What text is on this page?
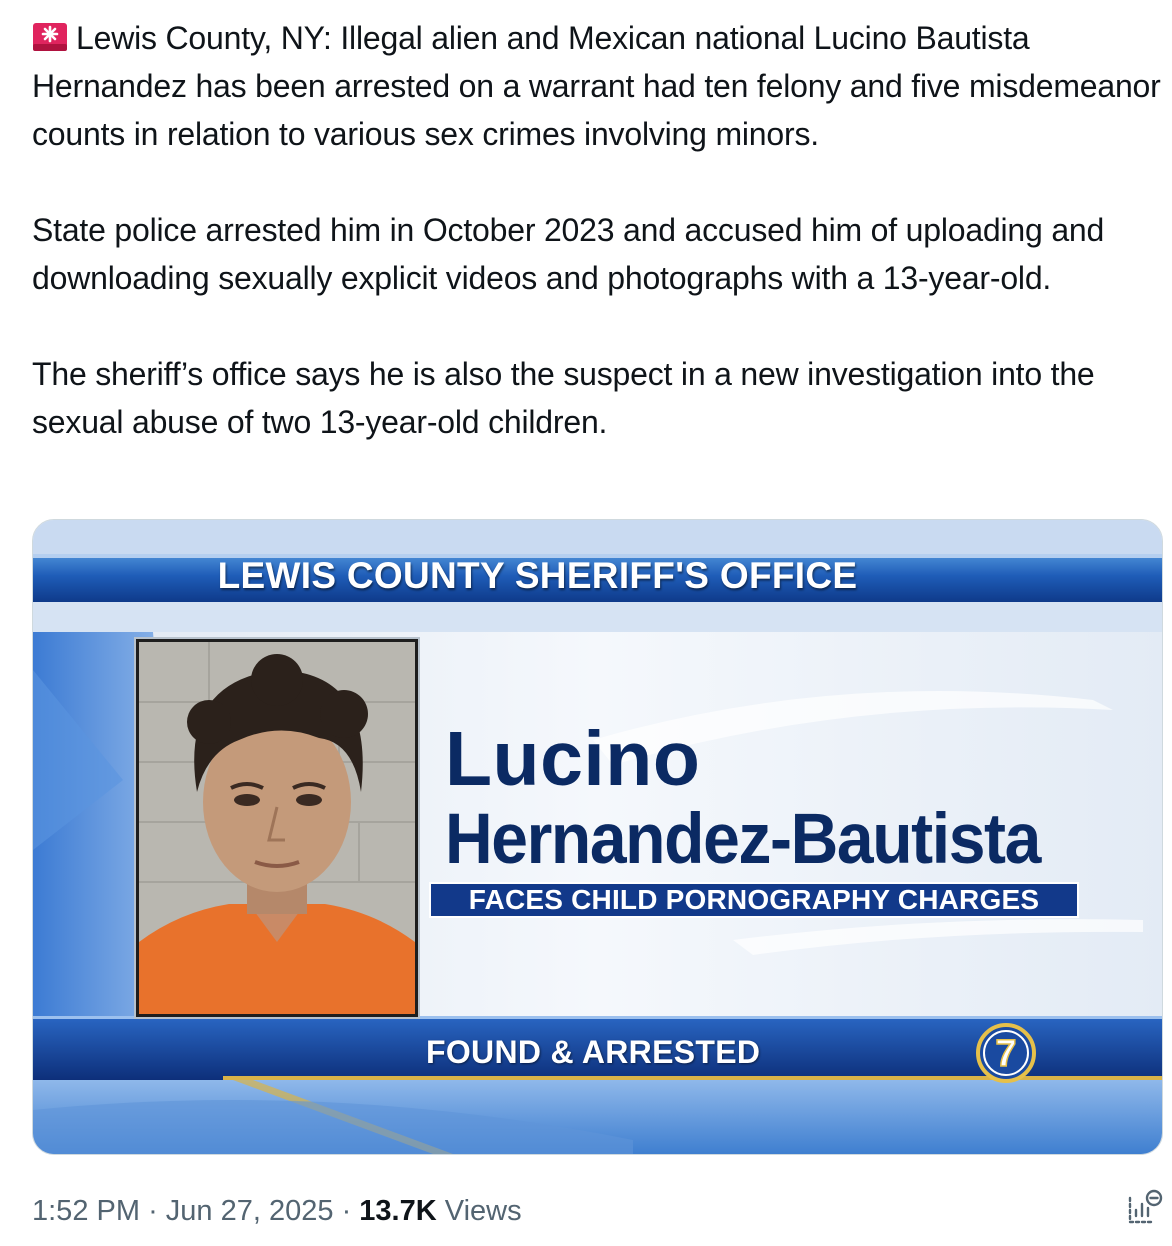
Lewis County, NY: Illegal alien and Mexican national Lucino Bautista Hernandez has been arrested on a warrant had ten felony and five misdemeanor counts in relation to various sex crimes involving minors.

State police arrested him in October 2023 and accused him of uploading and downloading sexually explicit videos and photographs with a 13-year-old.

The sheriff’s office says he is also the suspect in a new investigation into the sexual abuse of two 13-year-old children.

LEWIS COUNTY SHERIFF'S OFFICE
Lucino
Hernandez-Bautista
FACES CHILD PORNOGRAPHY CHARGES
FOUND & ARRESTED	7
1:52 PM · Jun 27, 2025 · 13.7K Views
